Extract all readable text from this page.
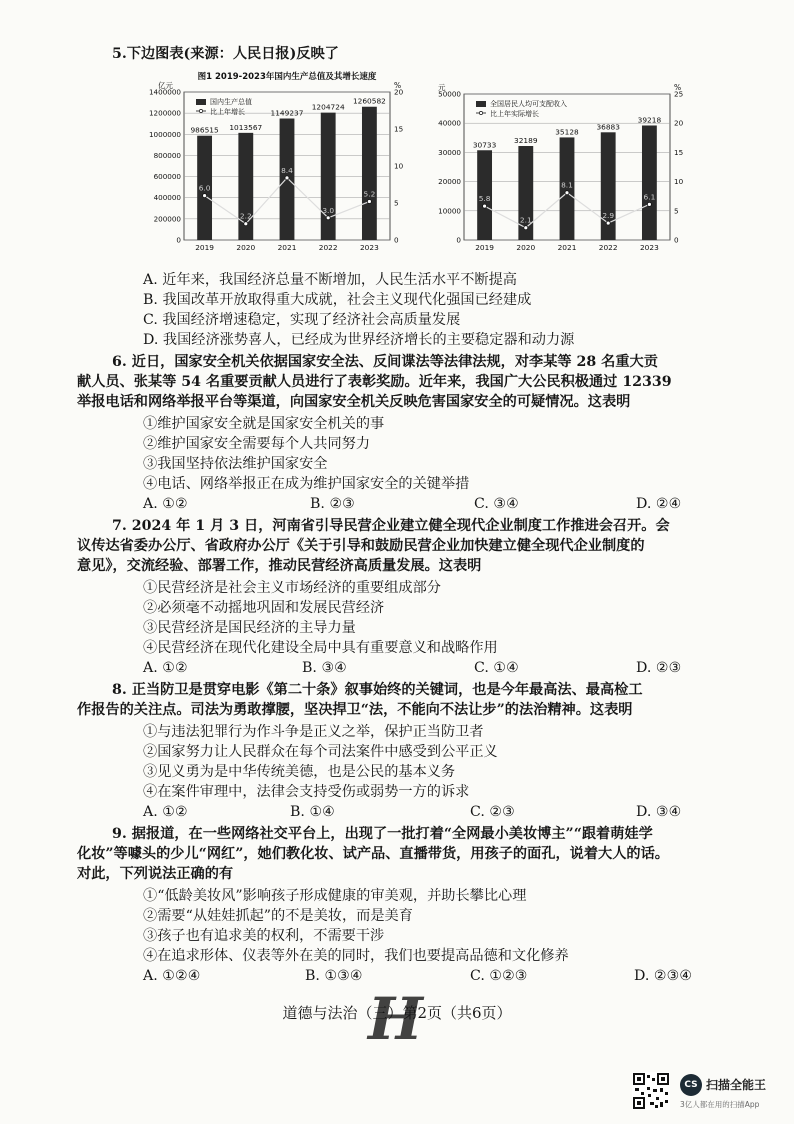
5.下边图表(来源：人民日报)反映了
图1 2019-2023年国内生产总值及其增长速度
亿元	%
0
200000
400000
600000
800000
1000000
1200000
1400000
0
5
10
15
20
986515
2019
1013567
2020
1149237
2021
1204724
2022
1260582
2023
6.0
2.2
8.4
3.0
5.2
国内生产总值
比上年增长
元	%
0
10000
20000
30000
40000
50000
0
5
10
15
20
25
30733
2019
32189
2020
35128
2021
36883
2022
39218
2023
5.8
2.1
8.1
2.9
6.1
全国居民人均可支配收入
比上年实际增长
A. 近年来，我国经济总量不断增加，人民生活水平不断提高
B. 我国改革开放取得重大成就，社会主义现代化强国已经建成
C. 我国经济增速稳定，实现了经济社会高质量发展
D. 我国经济涨势喜人，已经成为世界经济增长的主要稳定器和动力源
6. 近日，国家安全机关依据国家安全法、反间谍法等法律法规，对李某等 28 名重大贡
献人员、张某等 54 名重要贡献人员进行了表彰奖励。近年来，我国广大公民积极通过 12339
举报电话和网络举报平台等渠道，向国家安全机关反映危害国家安全的可疑情况。这表明
①维护国家安全就是国家安全机关的事
②维护国家安全需要每个人共同努力
③我国坚持依法维护国家安全
④电话、网络举报正在成为维护国家安全的关键举措
A. ①②	B. ②③	C. ③④	D. ②④
7. 2024 年 1 月 3 日，河南省引导民营企业建立健全现代企业制度工作推进会召开。会
议传达省委办公厅、省政府办公厅《关于引导和鼓励民营企业加快建立健全现代企业制度的
意见》，交流经验、部署工作，推动民营经济高质量发展。这表明
①民营经济是社会主义市场经济的重要组成部分
②必须毫不动摇地巩固和发展民营经济
③民营经济是国民经济的主导力量
④民营经济在现代化建设全局中具有重要意义和战略作用
A. ①②	B. ③④	C. ①④	D. ②③
8. 正当防卫是贯穿电影《第二十条》叙事始终的关键词，也是今年最高法、最高检工
作报告的关注点。司法为勇敢撑腰，坚决捍卫“法，不能向不法让步”的法治精神。这表明
①与违法犯罪行为作斗争是正义之举，保护正当防卫者
②国家努力让人民群众在每个司法案件中感受到公平正义
③见义勇为是中华传统美德，也是公民的基本义务
④在案件审理中，法律会支持受伤或弱势一方的诉求
A. ①②	B. ①④	C. ②③	D. ③④
9. 据报道，在一些网络社交平台上，出现了一批打着“全网最小美妆博主”“跟着萌娃学
化妆”等噱头的少儿“网红”，她们教化妆、试产品、直播带货，用孩子的面孔，说着大人的话。
对此，下列说法正确的有
①“低龄美妆风”影响孩子形成健康的审美观，并助长攀比心理
②需要“从娃娃抓起”的不是美妆，而是美育
③孩子也有追求美的权利，不需要干涉
④在追求形体、仪表等外在美的同时，我们也要提高品德和文化修养
A. ①②④	B. ①③④	C. ①②③	D. ②③④
H
道德与法治（三）第2页（共6页）
CS 扫描全能王
3亿人都在用的扫描App
